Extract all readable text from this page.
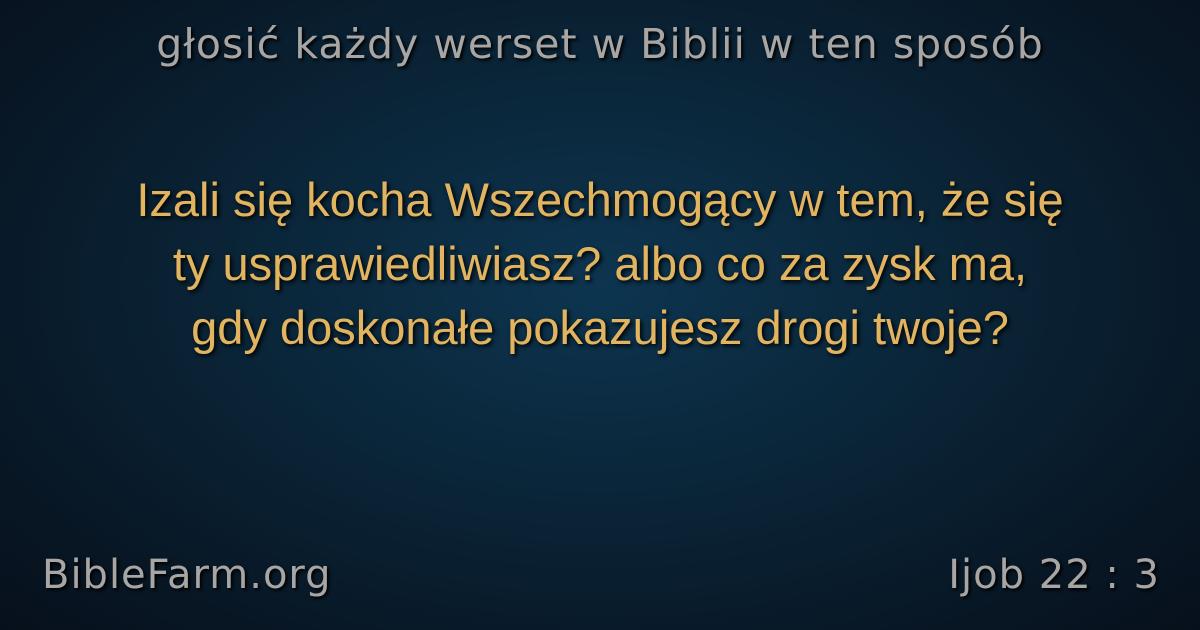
głosić każdy werset w Biblii w ten sposób
Izali się kocha Wszechmogący w tem, że się
ty usprawiedliwiasz? albo co za zysk ma,
gdy doskonałe pokazujesz drogi twoje?
BibleFarm.org	Ijob 22 : 3
